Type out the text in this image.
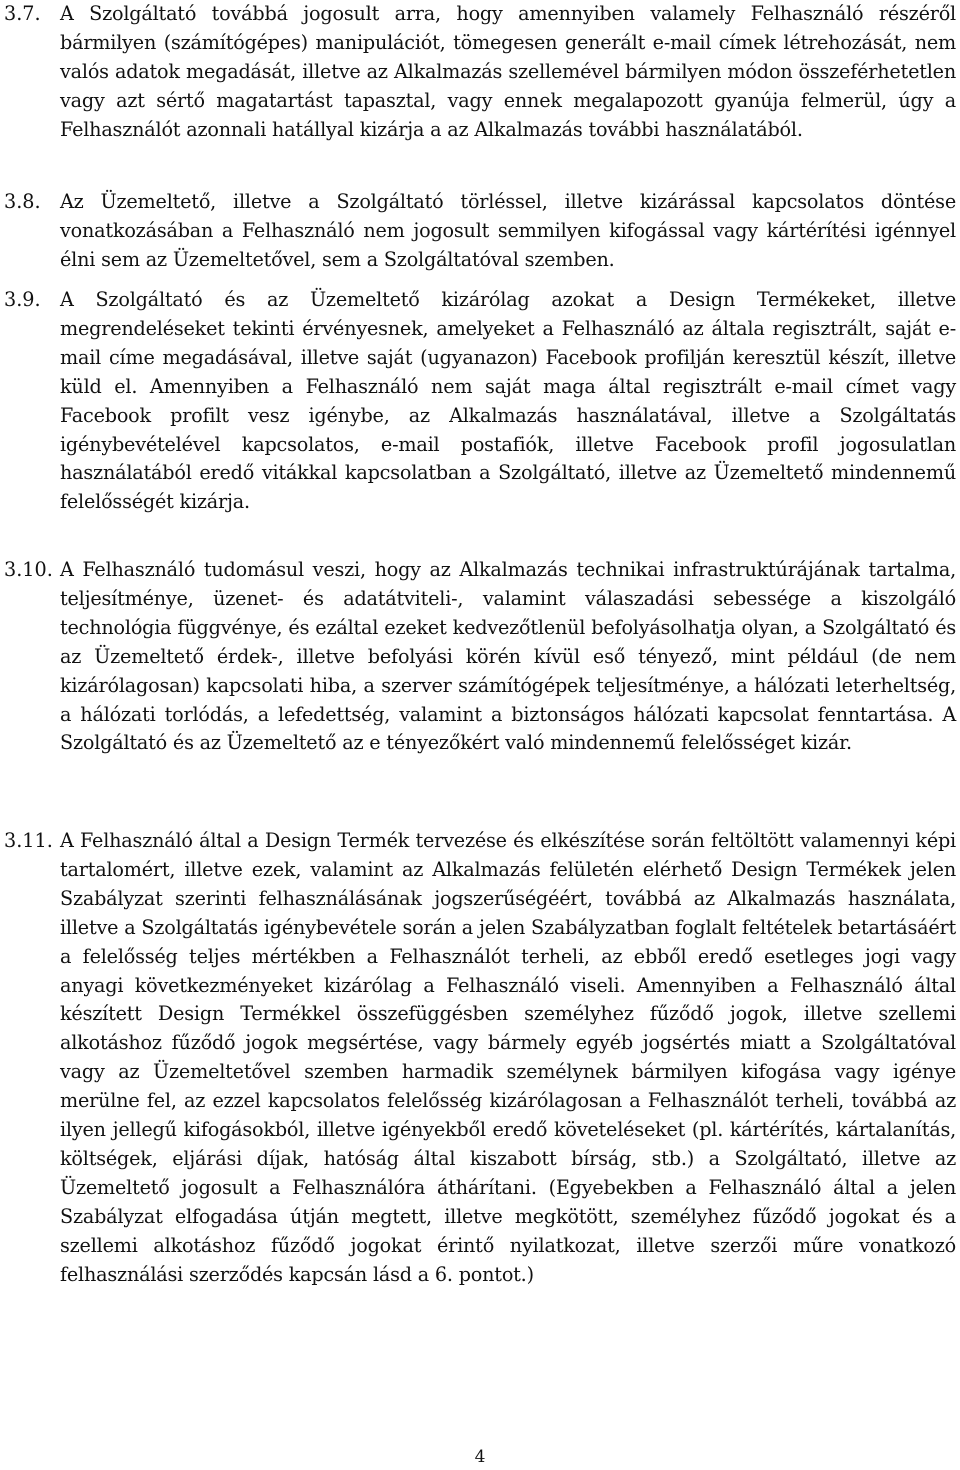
3.7. A Szolgáltató továbbá jogosult arra, hogy amennyiben valamely Felhasználó részéről bármilyen (számítógépes) manipulációt, tömegesen generált e-mail címek létrehozását, nem valós adatok megadását, illetve az Alkalmazás szellemével bármilyen módon összeférhetetlen vagy azt sértő magatartást tapasztal, vagy ennek megalapozott gyanúja felmerül, úgy a Felhasználót azonnali hatállyal kizárja a az Alkalmazás további használatából.

3.8. Az Üzemeltető, illetve a Szolgáltató törléssel, illetve kizárással kapcsolatos döntése vonatkozásában a Felhasználó nem jogosult semmilyen kifogással vagy kártérítési igénnyel élni sem az Üzemeltetővel, sem a Szolgáltatóval szemben.

3.9. A Szolgáltató és az Üzemeltető kizárólag azokat a Design Termékeket, illetve megrendeléseket tekinti érvényesnek, amelyeket a Felhasználó az általa regisztrált, saját e-mail címe megadásával, illetve saját (ugyanazon) Facebook profilján keresztül készít, illetve küld el. Amennyiben a Felhasználó nem saját maga által regisztrált e-mail címet vagy Facebook profilt vesz igénybe, az Alkalmazás használatával, illetve a Szolgáltatás igénybevételével kapcsolatos, e-mail postafiók, illetve Facebook profil jogosulatlan használatából eredő vitákkal kapcsolatban a Szolgáltató, illetve az Üzemeltető mindennemű felelősségét kizárja.

3.10. A Felhasználó tudomásul veszi, hogy az Alkalmazás technikai infrastruktúrájának tartalma, teljesítménye, üzenet- és adatátviteli-, valamint válaszadási sebessége a kiszolgáló technológia függvénye, és ezáltal ezeket kedvezőtlenül befolyásolhatja olyan, a Szolgáltató és az Üzemeltető érdek-, illetve befolyási körén kívül eső tényező, mint például (de nem kizárólagosan) kapcsolati hiba, a szerver számítógépek teljesítménye, a hálózati leterheltség, a hálózati torlódás, a lefedettség, valamint a biztonságos hálózati kapcsolat fenntartása. A Szolgáltató és az Üzemeltető az e tényezőkért való mindennemű felelősséget kizár.

3.11. A Felhasználó által a Design Termék tervezése és elkészítése során feltöltött valamennyi képi tartalomért, illetve ezek, valamint az Alkalmazás felületén elérhető Design Termékek jelen Szabályzat szerinti felhasználásának jogszerűségéért, továbbá az Alkalmazás használata, illetve a Szolgáltatás igénybevétele során a jelen Szabályzatban foglalt feltételek betartásáért a felelősség teljes mértékben a Felhasználót terheli, az ebből eredő esetleges jogi vagy anyagi következményeket kizárólag a Felhasználó viseli. Amennyiben a Felhasználó által készített Design Termékkel összefüggésben személyhez fűződő jogok, illetve szellemi alkotáshoz fűződő jogok megsértése, vagy bármely egyéb jogsértés miatt a Szolgáltatóval vagy az Üzemeltetővel szemben harmadik személynek bármilyen kifogása vagy igénye merülne fel, az ezzel kapcsolatos felelősség kizárólagosan a Felhasználót terheli, továbbá az ilyen jellegű kifogásokból, illetve igényekből eredő követeléseket (pl. kártérítés, kártalanítás, költségek, eljárási díjak, hatóság által kiszabott bírság, stb.) a Szolgáltató, illetve az Üzemeltető jogosult a Felhasználóra áthárítani. (Egyebekben a Felhasználó által a jelen Szabályzat elfogadása útján megtett, illetve megkötött, személyhez fűződő jogokat és a szellemi alkotáshoz fűződő jogokat érintő nyilatkozat, illetve szerzői műre vonatkozó felhasználási szerződés kapcsán lásd a 6. pontot.)

4
